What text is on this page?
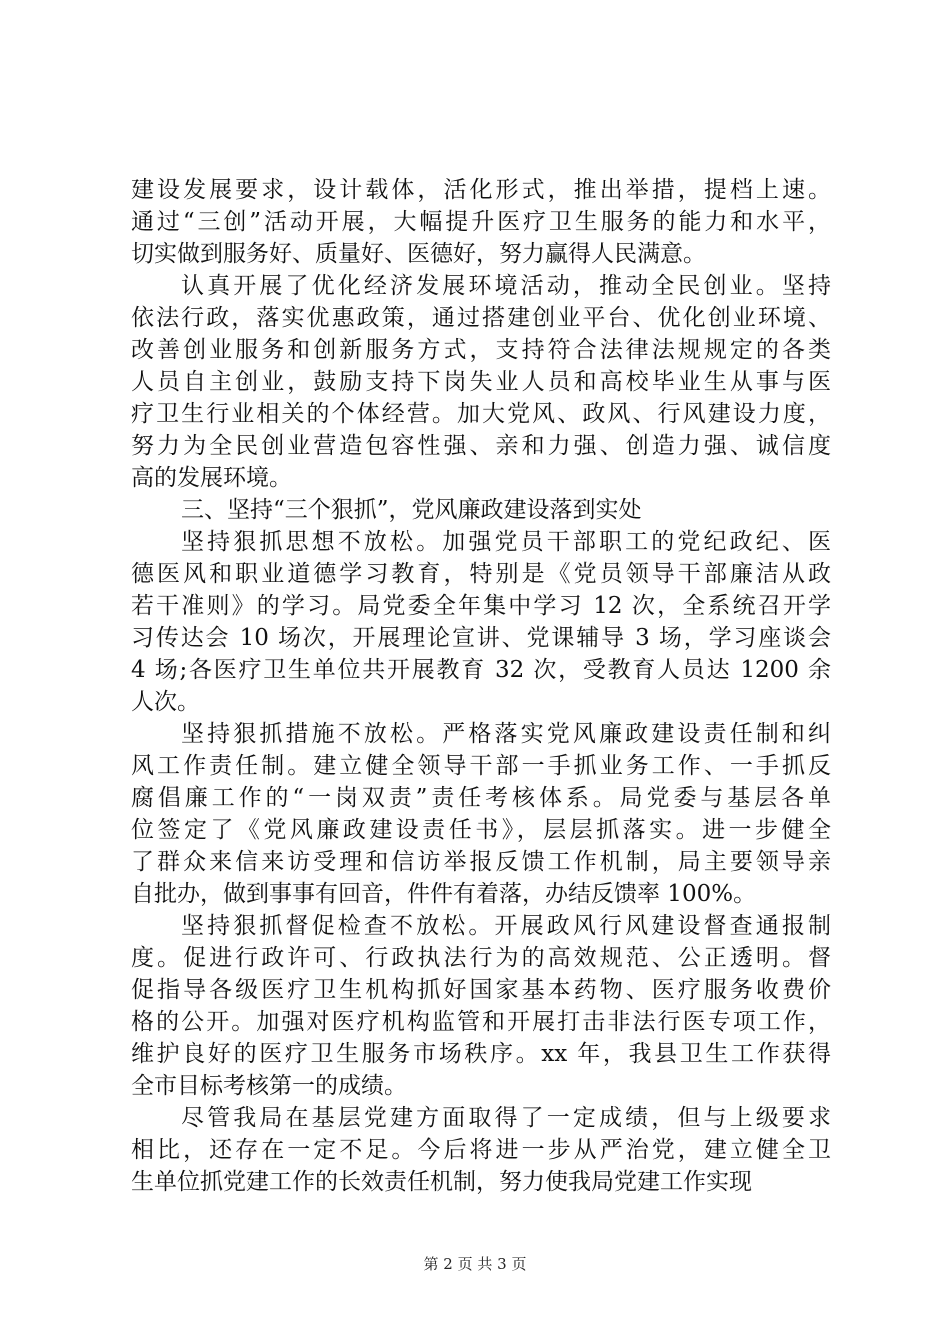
建设发展要求，设计载体，活化形式，推出举措，提档上速。
通过“三创”活动开展，大幅提升医疗卫生服务的能力和水平，
切实做到服务好、质量好、医德好，努力赢得人民满意。
认真开展了优化经济发展环境活动，推动全民创业。坚持
依法行政，落实优惠政策，通过搭建创业平台、优化创业环境、
改善创业服务和创新服务方式，支持符合法律法规规定的各类
人员自主创业，鼓励支持下岗失业人员和高校毕业生从事与医
疗卫生行业相关的个体经营。加大党风、政风、行风建设力度，
努力为全民创业营造包容性强、亲和力强、创造力强、诚信度
高的发展环境。
三、坚持“三个狠抓”，党风廉政建设落到实处
坚持狠抓思想不放松。加强党员干部职工的党纪政纪、医
德医风和职业道德学习教育，特别是《党员领导干部廉洁从政
若干准则》的学习。局党委全年集中学习 12 次，全系统召开学
习传达会 10 场次，开展理论宣讲、党课辅导 3 场，学习座谈会
4 场;各医疗卫生单位共开展教育 32 次，受教育人员达 1200 余
人次。
坚持狠抓措施不放松。严格落实党风廉政建设责任制和纠
风工作责任制。建立健全领导干部一手抓业务工作、一手抓反
腐倡廉工作的“一岗双责”责任考核体系。局党委与基层各单
位签定了《党风廉政建设责任书》，层层抓落实。进一步健全
了群众来信来访受理和信访举报反馈工作机制，局主要领导亲
自批办，做到事事有回音，件件有着落，办结反馈率 100%。
坚持狠抓督促检查不放松。开展政风行风建设督查通报制
度。促进行政许可、行政执法行为的高效规范、公正透明。督
促指导各级医疗卫生机构抓好国家基本药物、医疗服务收费价
格的公开。加强对医疗机构监管和开展打击非法行医专项工作，
维护良好的医疗卫生服务市场秩序。xx 年，我县卫生工作获得
全市目标考核第一的成绩。
尽管我局在基层党建方面取得了一定成绩，但与上级要求
相比，还存在一定不足。今后将进一步从严治党，建立健全卫
生单位抓党建工作的长效责任机制，努力使我局党建工作实现
第 2 页 共 3 页
